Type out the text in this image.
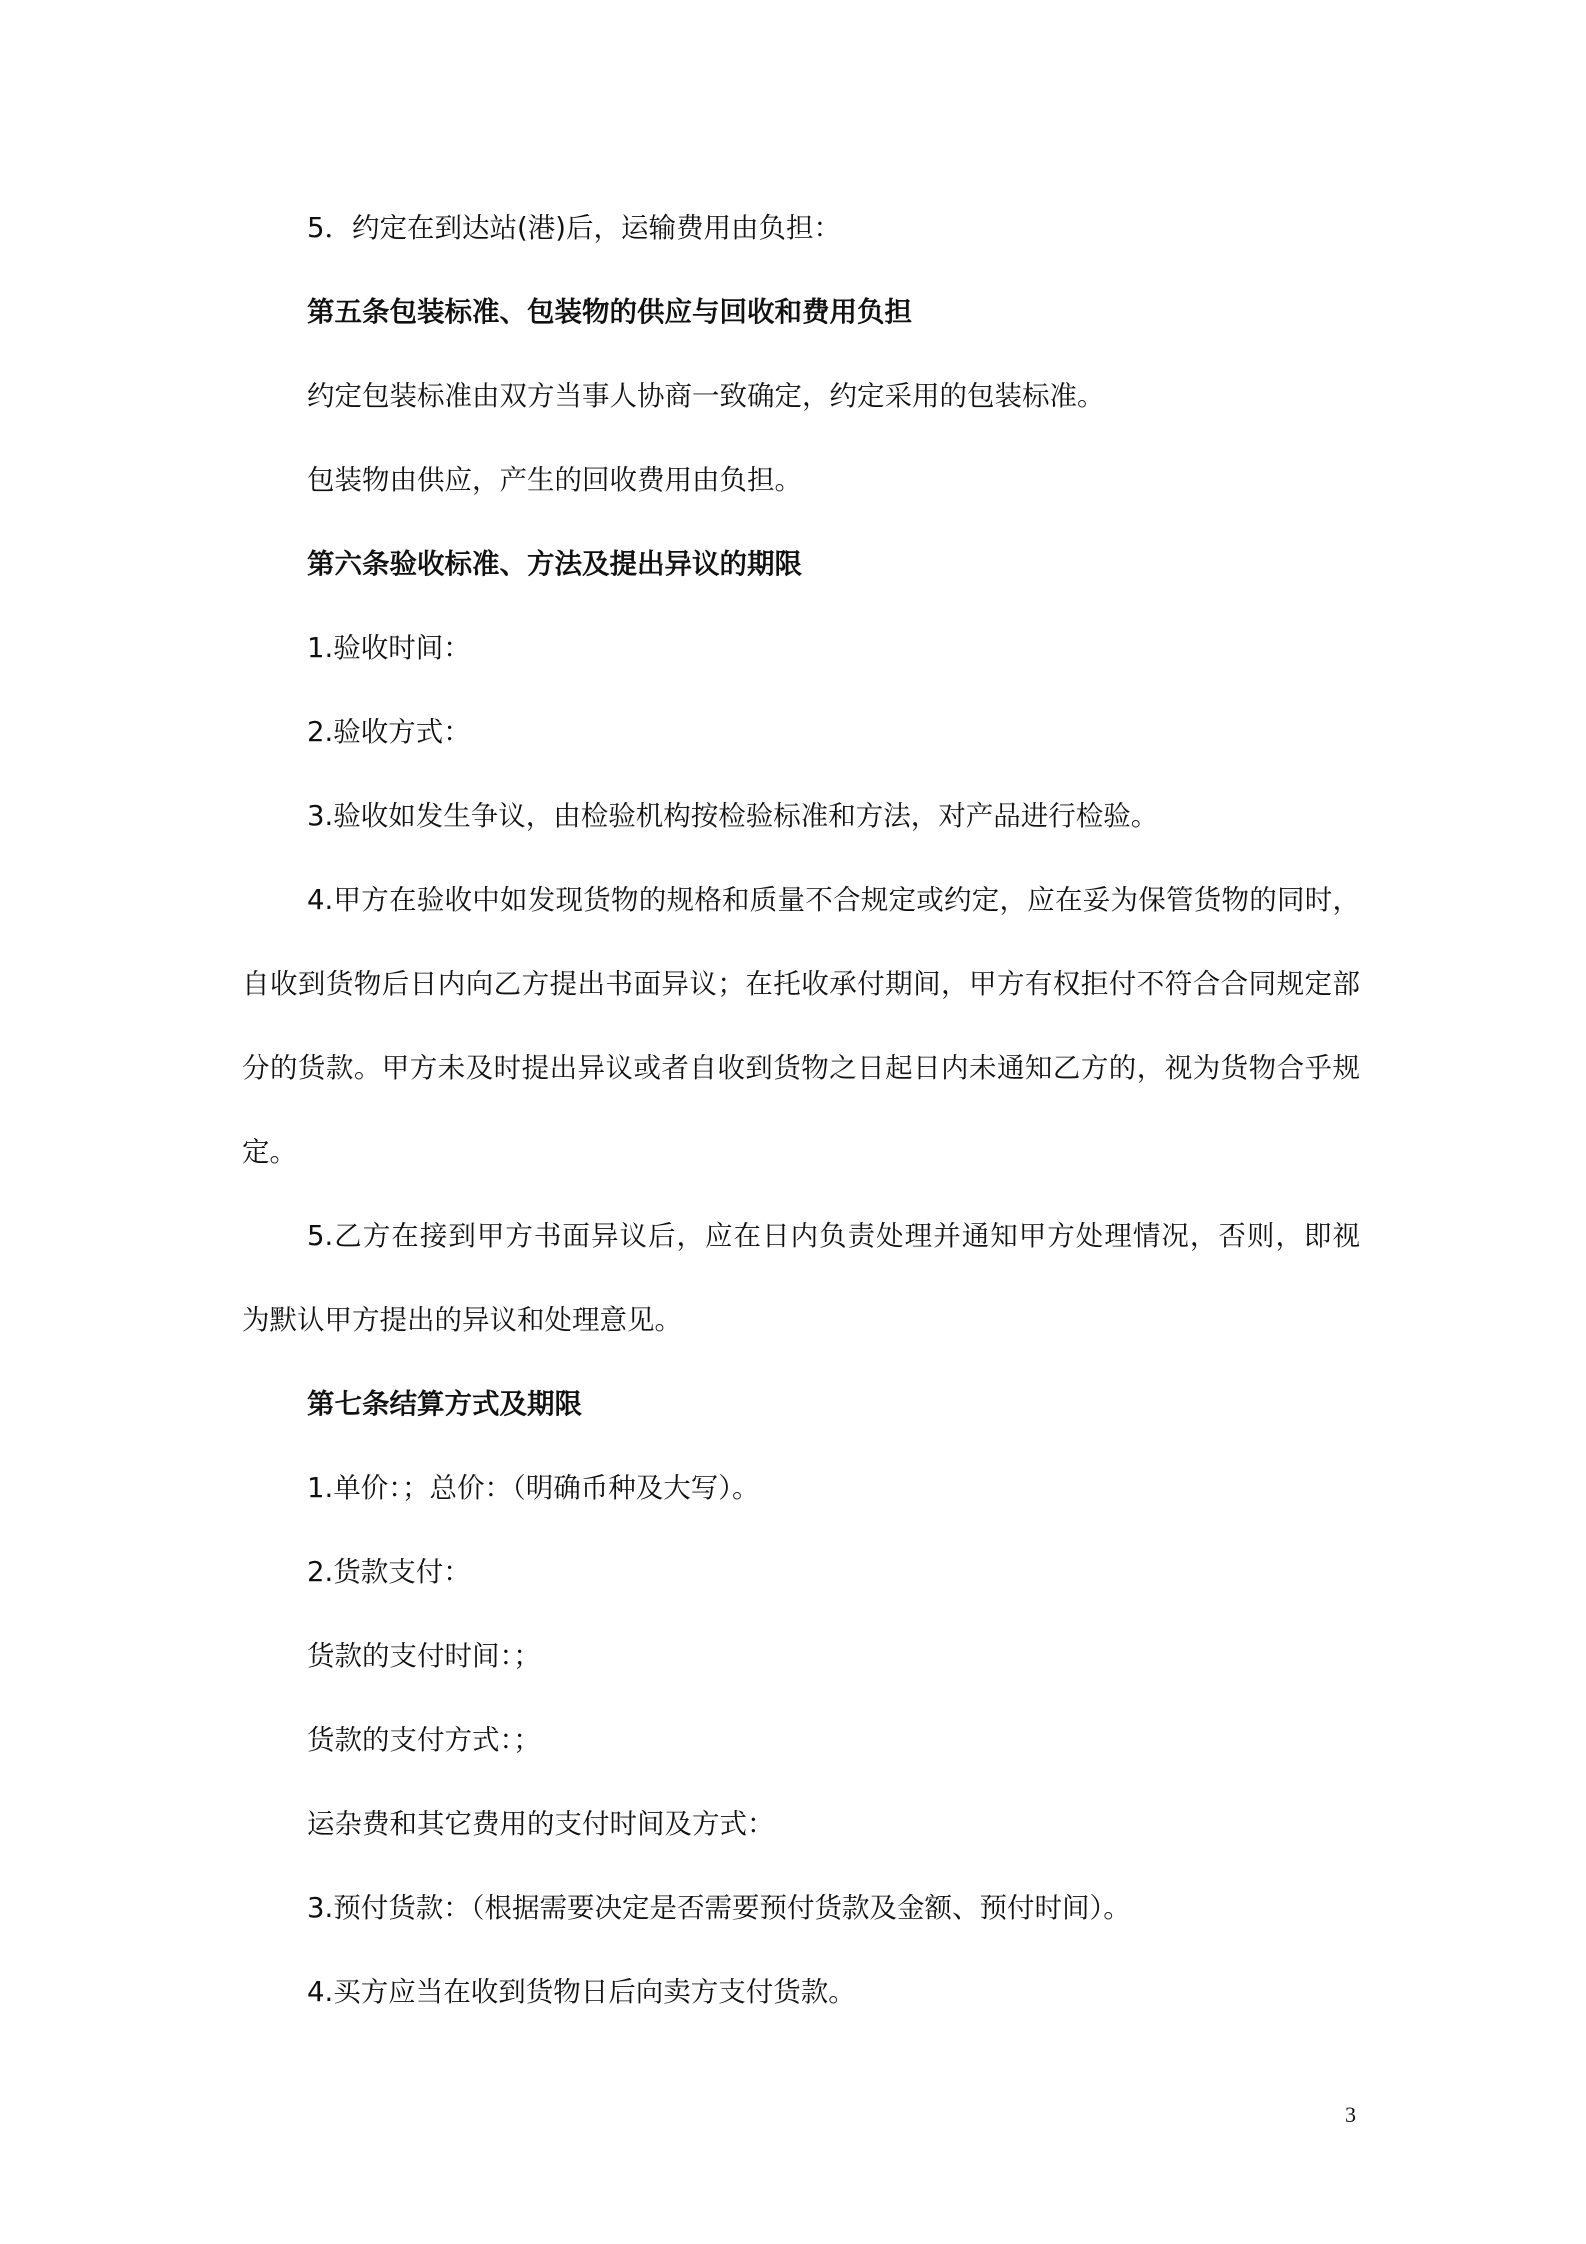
5．约定在到达站(港)后，运输费用由负担：
第五条包装标准、包装物的供应与回收和费用负担
约定包装标准由双方当事人协商一致确定，约定采用的包装标准。
包装物由供应，产生的回收费用由负担。
第六条验收标准、方法及提出异议的期限
1.验收时间：
2.验收方式：
3.验收如发生争议，由检验机构按检验标准和方法，对产品进行检验。
4.甲方在验收中如发现货物的规格和质量不合规定或约定，应在妥为保管货物的同时，
自收到货物后日内向乙方提出书面异议；在托收承付期间，甲方有权拒付不符合合同规定部
分的货款。甲方未及时提出异议或者自收到货物之日起日内未通知乙方的，视为货物合乎规
定。
5.乙方在接到甲方书面异议后，应在日内负责处理并通知甲方处理情况，否则，即视
为默认甲方提出的异议和处理意见。
第七条结算方式及期限
1.单价：；总价：（明确币种及大写）。
2.货款支付：
货款的支付时间：；
货款的支付方式：；
运杂费和其它费用的支付时间及方式：
3.预付货款：（根据需要决定是否需要预付货款及金额、预付时间）。
4.买方应当在收到货物日后向卖方支付货款。
3
